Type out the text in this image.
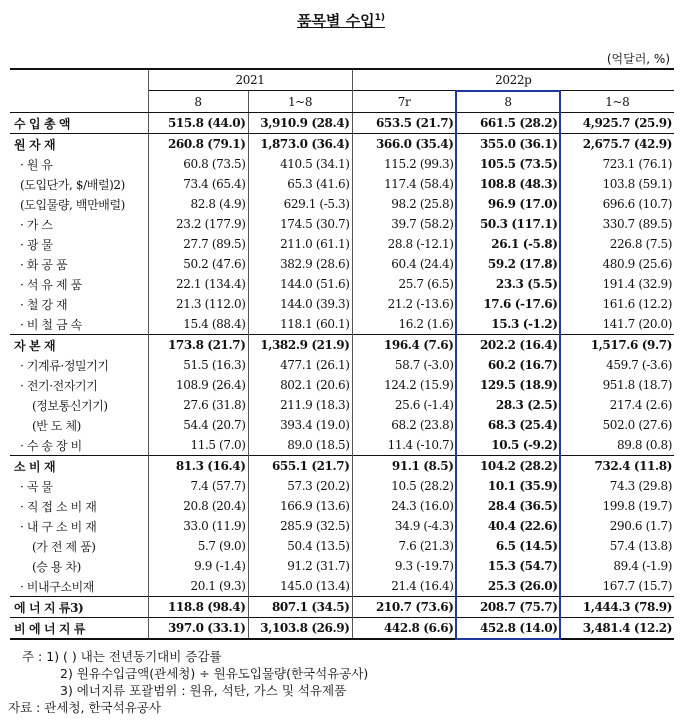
품목별 수입$^{1)}$
(억달러, %)
	2021		2022p		
	8	1~8	7r	8	1~8
수 입 총 액	515.8 (44.0)	3,910.9 (28.4)	653.5 (21.7)	661.5 (28.2)	4,925.7 (25.9)
원 자 재	260.8 (79.1)	1,873.0 (36.4)	366.0 (35.4)	355.0 (36.1)	2,675.7 (42.9)
· 원 유	60.8 (73.5)	410.5 (34.1)	115.2 (99.3)	105.5 (73.5)	723.1 (76.1)
(도입단가, $/배럴)2)	73.4 (65.4)	65.3 (41.6)	117.4 (58.4)	108.8 (48.3)	103.8 (59.1)
(도입물량, 백만배럴)	82.8 (4.9)	629.1 (-5.3)	98.2 (25.8)	96.9 (17.0)	696.6 (10.7)
· 가 스	23.2 (177.9)	174.5 (30.7)	39.7 (58.2)	50.3 (117.1)	330.7 (89.5)
· 광 물	27.7 (89.5)	211.0 (61.1)	28.8 (-12.1)	26.1 (-5.8)	226.8 (7.5)
· 화 공 품	50.2 (47.6)	382.9 (28.6)	60.4 (24.4)	59.2 (17.8)	480.9 (25.6)
· 석 유 제 품	22.1 (134.4)	144.0 (51.6)	25.7 (6.5)	23.3 (5.5)	191.4 (32.9)
· 철 강 재	21.3 (112.0)	144.0 (39.3)	21.2 (-13.6)	17.6 (-17.6)	161.6 (12.2)
· 비 철 금 속	15.4 (88.4)	118.1 (60.1)	16.2 (1.6)	15.3 (-1.2)	141.7 (20.0)
자 본 재	173.8 (21.7)	1,382.9 (21.9)	196.4 (7.6)	202.2 (16.4)	1,517.6 (9.7)
· 기계류·정밀기기	51.5 (16.3)	477.1 (26.1)	58.7 (-3.0)	60.2 (16.7)	459.7 (-3.6)
· 전기·전자기기	108.9 (26.4)	802.1 (20.6)	124.2 (15.9)	129.5 (18.9)	951.8 (18.7)
(정보통신기기)	27.6 (31.8)	211.9 (18.3)	25.6 (-1.4)	28.3 (2.5)	217.4 (2.6)
(반 도 체)	54.4 (20.7)	393.4 (19.0)	68.2 (23.8)	68.3 (25.4)	502.0 (27.6)
· 수 송 장 비	11.5 (7.0)	89.0 (18.5)	11.4 (-10.7)	10.5 (-9.2)	89.8 (0.8)
소 비 재	81.3 (16.4)	655.1 (21.7)	91.1 (8.5)	104.2 (28.2)	732.4 (11.8)
· 곡 물	7.4 (57.7)	57.3 (20.2)	10.5 (28.2)	10.1 (35.9)	74.3 (29.8)
· 직 접 소 비 재	20.8 (20.4)	166.9 (13.6)	24.3 (16.0)	28.4 (36.5)	199.8 (19.7)
· 내 구 소 비 재	33.0 (11.9)	285.9 (32.5)	34.9 (-4.3)	40.4 (22.6)	290.6 (1.7)
(가 전 제 품)	5.7 (9.0)	50.4 (13.5)	7.6 (21.3)	6.5 (14.5)	57.4 (13.8)
(승 용 차)	9.9 (-1.4)	91.2 (31.7)	9.3 (-19.7)	15.3 (54.7)	89.4 (-1.9)
· 비내구소비재	20.1 (9.3)	145.0 (13.4)	21.4 (16.4)	25.3 (26.0)	167.7 (15.7)
에 너 지 류3)	118.8 (98.4)	807.1 (34.5)	210.7 (73.6)	208.7 (75.7)	1,444.3 (78.9)
비 에 너 지 류	397.0 (33.1)	3,103.8 (26.9)	442.8 (6.6)	452.8 (14.0)	3,481.4 (12.2)
주 : 1) ( ) 내는 전년동기대비 증감률
2) 원유수입금액(관세청) ÷ 원유도입물량(한국석유공사)
3) 에너지류 포괄범위 : 원유, 석탄, 가스 및 석유제품
자료 : 관세청, 한국석유공사
